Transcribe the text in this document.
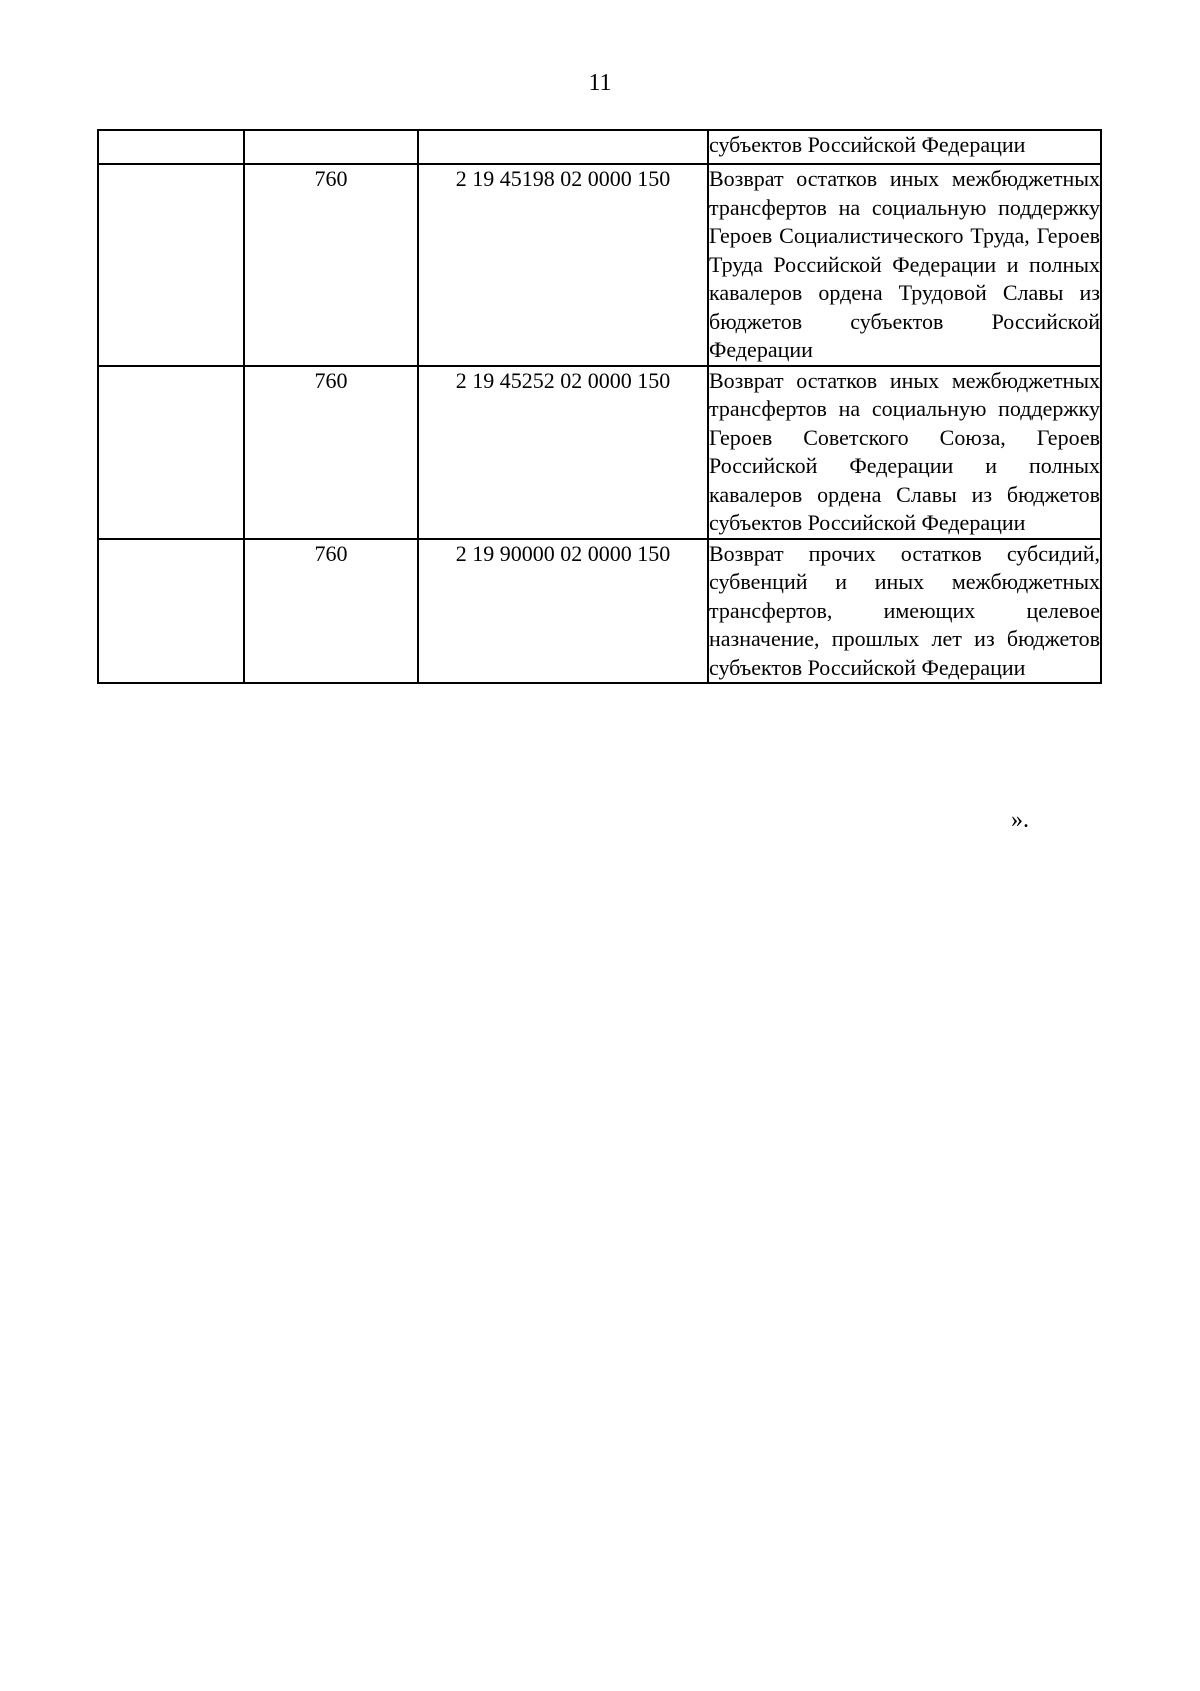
11
			субъектов Российской Федерации
	760	2 19 45198 02 0000 150	Возврат остатков иных межбюджетных трансфертов на социальную поддержку Героев Социалистического Труда, Героев Труда Российской Федерации и полных кавалеров ордена Трудовой Славы из бюджетов субъектов Российской Федерации
	760	2 19 45252 02 0000 150	Возврат остатков иных межбюджетных трансфертов на социальную поддержку Героев Советского Союза, Героев Российской Федерации и полных кавалеров ордена Славы из бюджетов субъектов Российской Федерации
	760	2 19 90000 02 0000 150	Возврат прочих остатков субсидий, субвенций и иных межбюджетных трансфертов, имеющих целевое назначение, прошлых лет из бюджетов субъектов Российской Федерации
».
